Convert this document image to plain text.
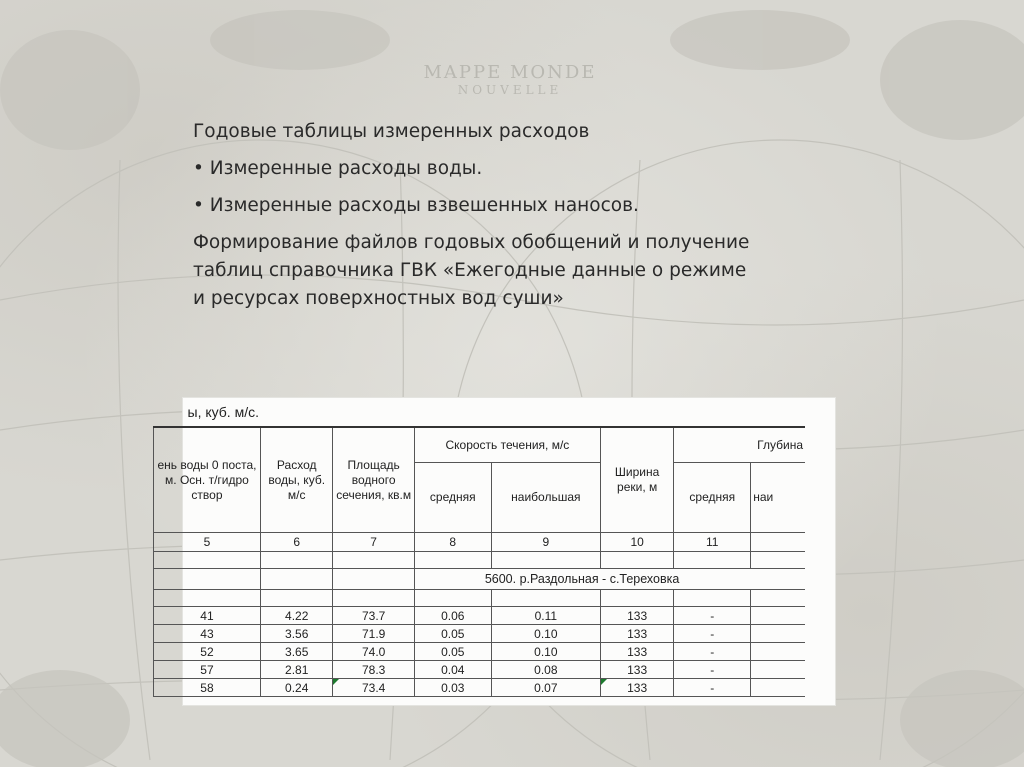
MAPPE MONDE
NOUVELLE

Годовые таблицы измеренных расходов

• Измеренные расходы воды.

• Измеренные расходы взвешенных наносов.

Формирование файлов годовых обобщений и получение таблиц справочника ГВК «Ежегодные данные о режиме и ресурсах поверхностных вод суши»

ы, куб. м/с.							
ень воды 0 поста, м. Осн. т/гидро створ	Расход воды, куб. м/с	Площадь водного сечения, кв.м	Скорость течения, м/с		Ширина реки, м	Глубина	
			средняя	наибольшая		средняя	наи
5	6	7	8	9	10	11	

			5600. р.Раздольная - с.Тереховка				

41	4.22	73.7	0.06	0.11	133	-	
43	3.56	71.9	0.05	0.10	133	-	
52	3.65	74.0	0.05	0.10	133	-	
57	2.81	78.3	0.04	0.08	133	-	
58	0.24	73.4	0.03	0.07	133	-	
